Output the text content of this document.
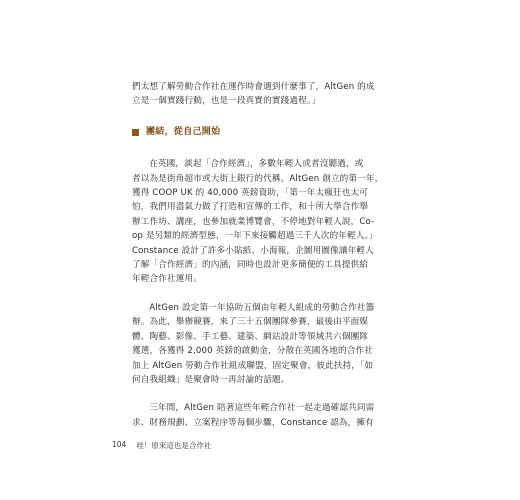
們太想了解勞動合作社在運作時會遇到什麼事了，AltGen 的成
立是一個實踐行動，也是一段真實的實踐過程。」

團結，從自己開始

在英國，談起「合作經濟」，多數年輕人或者沒聽過，或
者以為是街角超市或大街上銀行的代稱。AltGen 創立的第一年，
獲得 COOP UK 的 40,000 英鎊資助，「第一年太瘋狂也太可
怕，我們用盡氣力做了打造和宣傳的工作，和十所大學合作舉
辦工作坊、講座，也參加就業博覽會，不停地對年輕人說，Co-
op 是另類的經濟型態，一年下來接觸超過三千人次的年輕人。」
Constance 設計了許多小貼紙、小海報，企圖用圖像讓年輕人
了解「合作經濟」的內涵，同時也設計更多簡便的工具提供給
年輕合作社運用。

AltGen 設定第一年協助五個由年輕人組成的勞動合作社籌
辦。為此，舉辦競賽，來了三十五個團隊參賽，最後由平面媒
體、陶藝、影像、手工藝、建築、網站設計等領域共六個團隊
獲選，各獲得 2,000 英鎊的啟動金，分散在英國各地的合作社
加上 AltGen 勞動合作社組成聯盟，固定聚會，彼此扶持，「如
何自我組織」是聚會時一再討論的話題。

三年間，AltGen 陪著這些年輕合作社一起走過確認共同需
求、財務規劃、立案程序等每個步驟，Constance 認為，擁有

104 哇！原來這也是合作社
